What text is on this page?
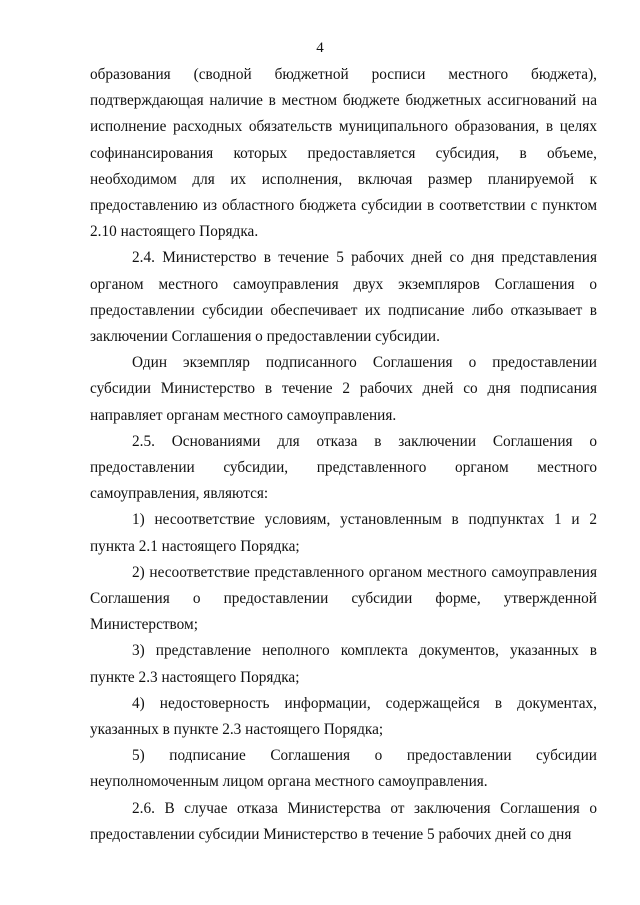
4

образования (сводной бюджетной росписи местного бюджета), подтверждающая наличие в местном бюджете бюджетных ассигнований на исполнение расходных обязательств муниципального образования, в целях софинансирования которых предоставляется субсидия, в объеме, необходимом для их исполнения, включая размер планируемой к предоставлению из областного бюджета субсидии в соответствии с пунктом 2.10 настоящего Порядка.

2.4. Министерство в течение 5 рабочих дней со дня представления органом местного самоуправления двух экземпляров Соглашения о предоставлении субсидии обеспечивает их подписание либо отказывает в заключении Соглашения о предоставлении субсидии.

Один экземпляр подписанного Соглашения о предоставлении субсидии Министерство в течение 2 рабочих дней со дня подписания направляет органам местного самоуправления.

2.5. Основаниями для отказа в заключении Соглашения о предоставлении субсидии, представленного органом местного самоуправления, являются:

1) несоответствие условиям, установленным в подпунктах 1 и 2 пункта 2.1 настоящего Порядка;

2) несоответствие представленного органом местного самоуправления Соглашения о предоставлении субсидии форме, утвержденной Министерством;

3) представление неполного комплекта документов, указанных в пункте 2.3 настоящего Порядка;

4) недостоверность информации, содержащейся в документах, указанных в пункте 2.3 настоящего Порядка;

5) подписание Соглашения о предоставлении субсидии неуполномоченным лицом органа местного самоуправления.

2.6. В случае отказа Министерства от заключения Соглашения о предоставлении субсидии Министерство в течение 5 рабочих дней со дня
